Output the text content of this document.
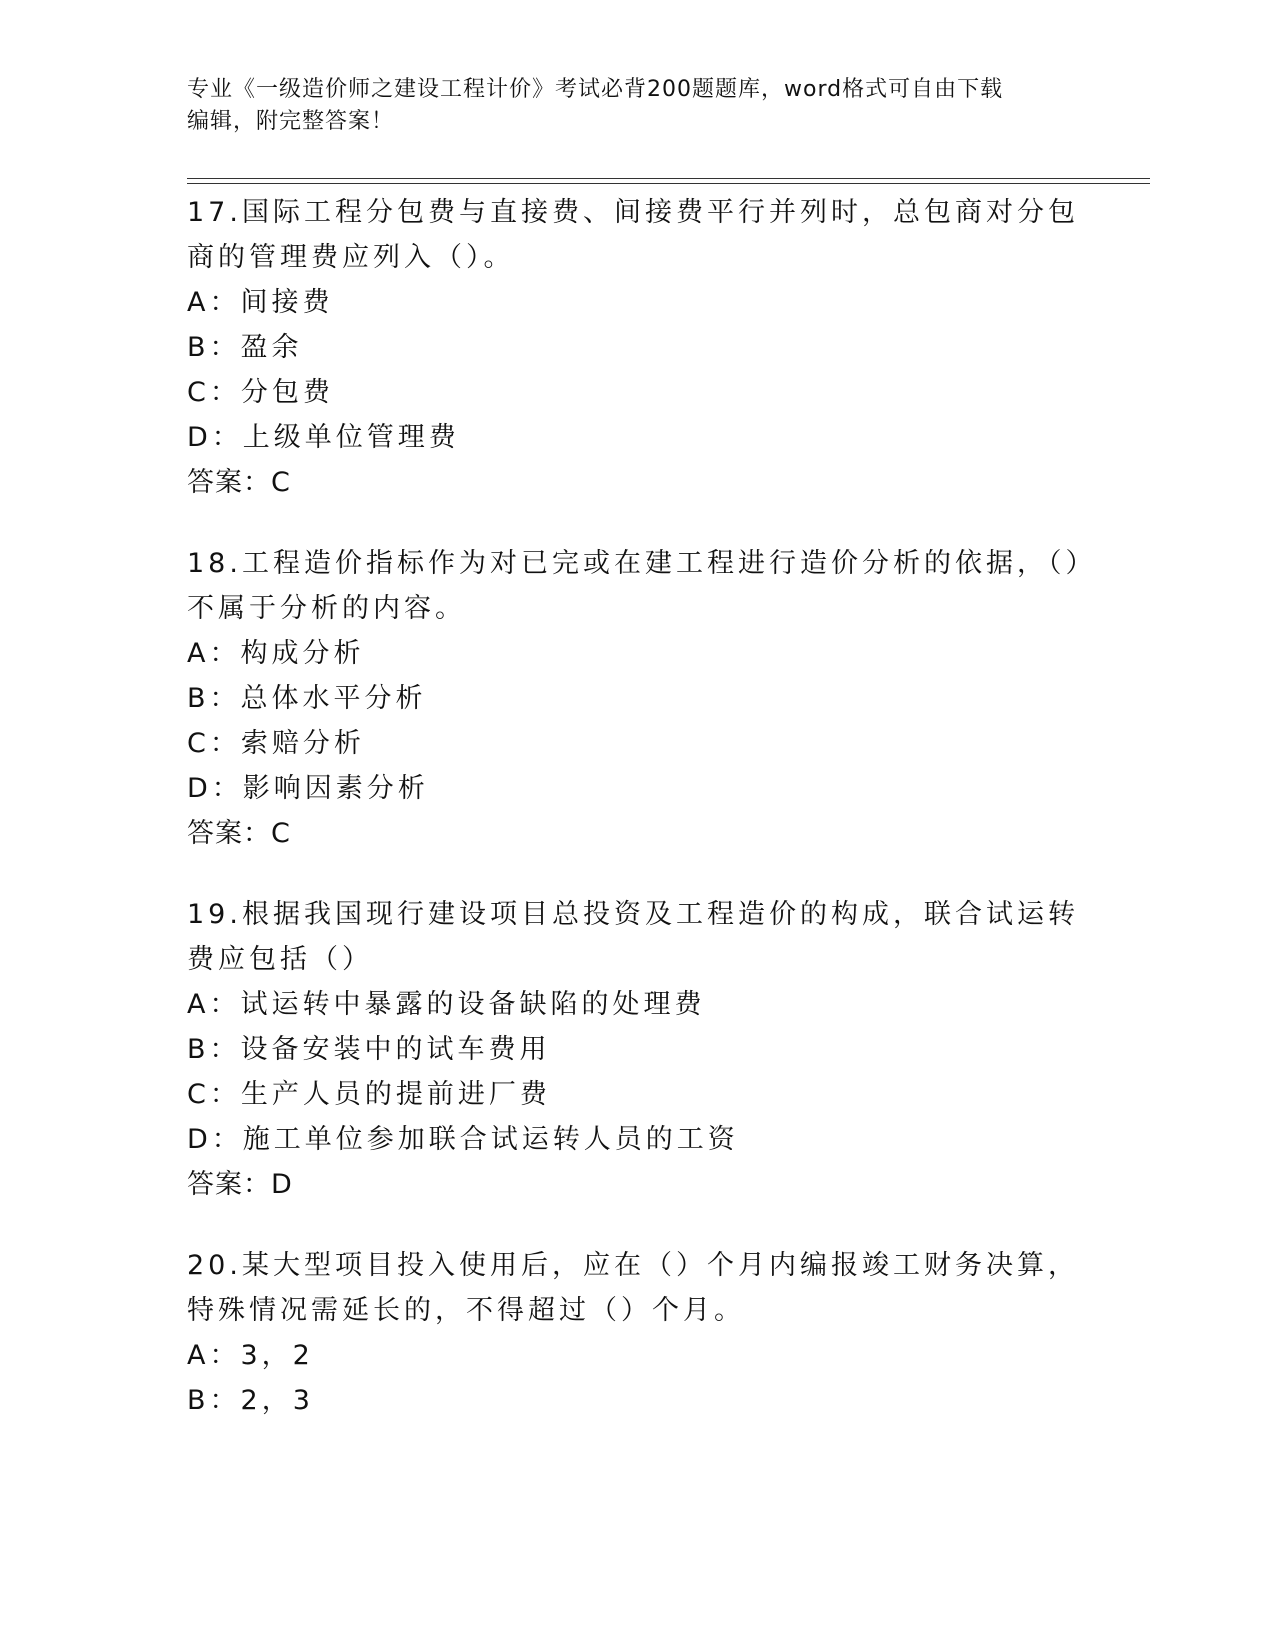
专业《一级造价师之建设工程计价》考试必背200题题库，word格式可自由下载
编辑，附完整答案！
17.国际工程分包费与直接费、间接费平行并列时，总包商对分包商的管理费应列入（）。
A：间接费
B：盈余
C：分包费
D：上级单位管理费
答案：C
18.工程造价指标作为对已完或在建工程进行造价分析的依据，（）不属于分析的内容。
A：构成分析
B：总体水平分析
C：索赔分析
D：影响因素分析
答案：C
19.根据我国现行建设项目总投资及工程造价的构成，联合试运转费应包括（）
A：试运转中暴露的设备缺陷的处理费
B：设备安装中的试车费用
C：生产人员的提前进厂费
D：施工单位参加联合试运转人员的工资
答案：D
20.某大型项目投入使用后，应在（）个月内编报竣工财务决算，特殊情况需延长的，不得超过（）个月。
A：3，2
B：2，3
